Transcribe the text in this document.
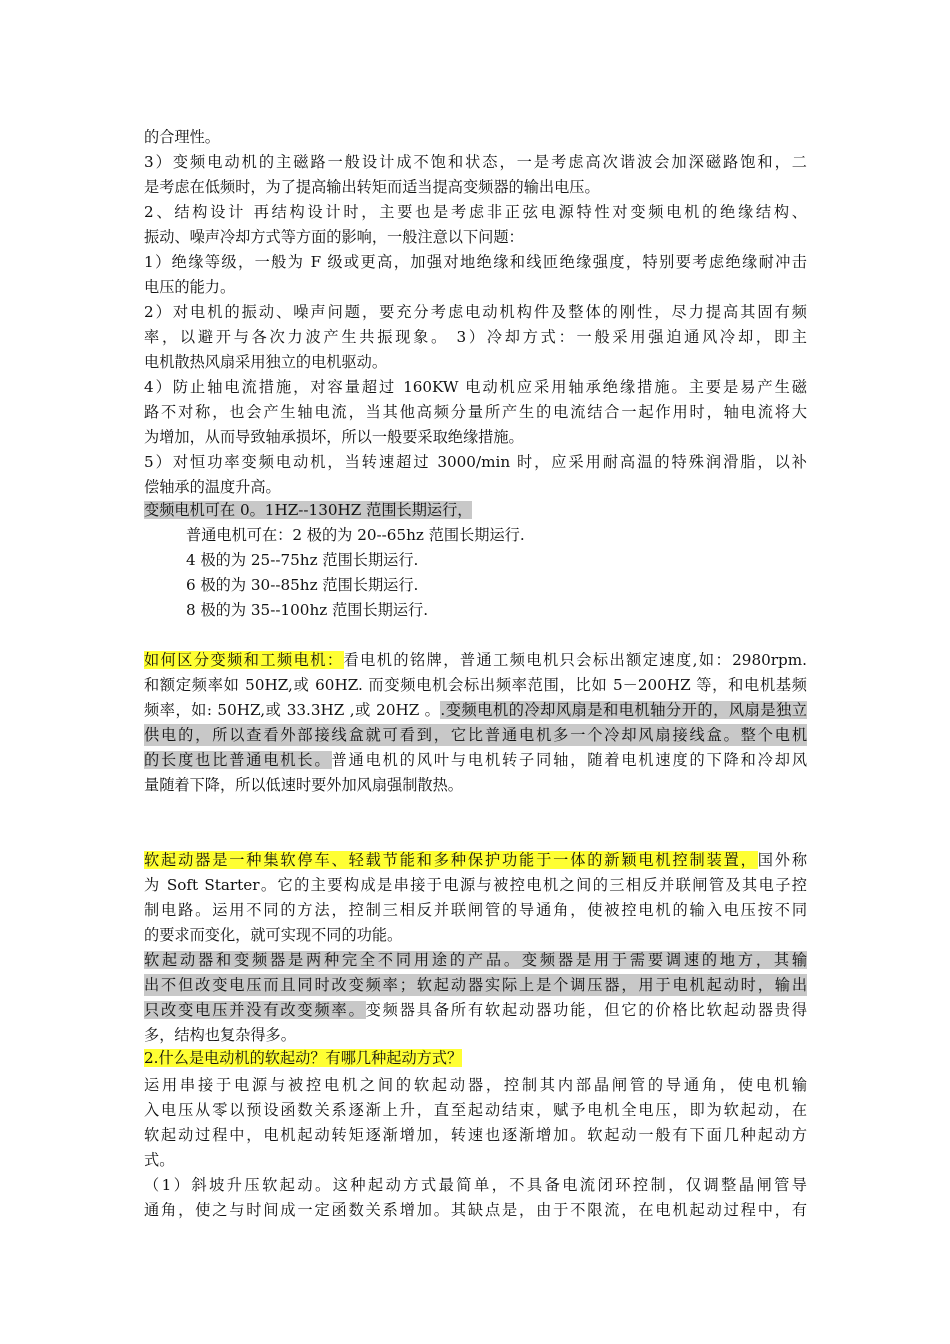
的合理性。
3）变频电动机的主磁路一般设计成不饱和状态，一是考虑高次谐波会加深磁路饱和，二
是考虑在低频时，为了提高输出转矩而适当提高变频器的输出电压。
2、结构设计 再结构设计时，主要也是考虑非正弦电源特性对变频电机的绝缘结构、
振动、噪声冷却方式等方面的影响，一般注意以下问题：
1）绝缘等级，一般为 F 级或更高，加强对地绝缘和线匝绝缘强度，特别要考虑绝缘耐冲击
电压的能力。
2）对电机的振动、噪声问题，要充分考虑电动机构件及整体的刚性，尽力提高其固有频
率，以避开与各次力波产生共振现象。 3）冷却方式：一般采用强迫通风冷却，即主
电机散热风扇采用独立的电机驱动。
4）防止轴电流措施，对容量超过 160KW 电动机应采用轴承绝缘措施。主要是易产生磁
路不对称，也会产生轴电流，当其他高频分量所产生的电流结合一起作用时，轴电流将大
为增加，从而导致轴承损坏，所以一般要采取绝缘措施。
5）对恒功率变频电动机，当转速超过 3000/min 时，应采用耐高温的特殊润滑脂，以补
偿轴承的温度升高。
变频电机可在 0。1HZ--130HZ 范围长期运行，
普通电机可在：2 极的为 20--65hz 范围长期运行.
4 极的为 25--75hz 范围长期运行.
6 极的为 30--85hz 范围长期运行.
8 极的为 35--100hz 范围长期运行.
如何区分变频和工频电机：看电机的铭牌，普通工频电机只会标出额定速度,如：2980rpm.
和额定频率如 50HZ,或 60HZ. 而变频电机会标出频率范围，比如 5－200HZ 等，和电机基频
频率，如: 50HZ,或 33.3HZ ,或 20HZ 。.变频电机的冷却风扇是和电机轴分开的，风扇是独立
供电的，所以查看外部接线盒就可看到，它比普通电机多一个冷却风扇接线盒。整个电机
的长度也比普通电机长。普通电机的风叶与电机转子同轴，随着电机速度的下降和冷却风
量随着下降，所以低速时要外加风扇强制散热。
软起动器是一种集软停车、轻载节能和多种保护功能于一体的新颖电机控制装置，国外称
为 Soft Starter。它的主要构成是串接于电源与被控电机之间的三相反并联闸管及其电子控
制电路。运用不同的方法，控制三相反并联闸管的导通角，使被控电机的输入电压按不同
的要求而变化，就可实现不同的功能。
软起动器和变频器是两种完全不同用途的产品。变频器是用于需要调速的地方，其输
出不但改变电压而且同时改变频率；软起动器实际上是个调压器，用于电机起动时，输出
只改变电压并没有改变频率。变频器具备所有软起动器功能，但它的价格比软起动器贵得
多，结构也复杂得多。
2.什么是电动机的软起动？有哪几种起动方式？
运用串接于电源与被控电机之间的软起动器，控制其内部晶闸管的导通角，使电机输
入电压从零以预设函数关系逐渐上升，直至起动结束，赋予电机全电压，即为软起动，在
软起动过程中，电机起动转矩逐渐增加，转速也逐渐增加。软起动一般有下面几种起动方
式。
（1）斜坡升压软起动。这种起动方式最简单，不具备电流闭环控制，仅调整晶闸管导
通角，使之与时间成一定函数关系增加。其缺点是，由于不限流，在电机起动过程中，有
